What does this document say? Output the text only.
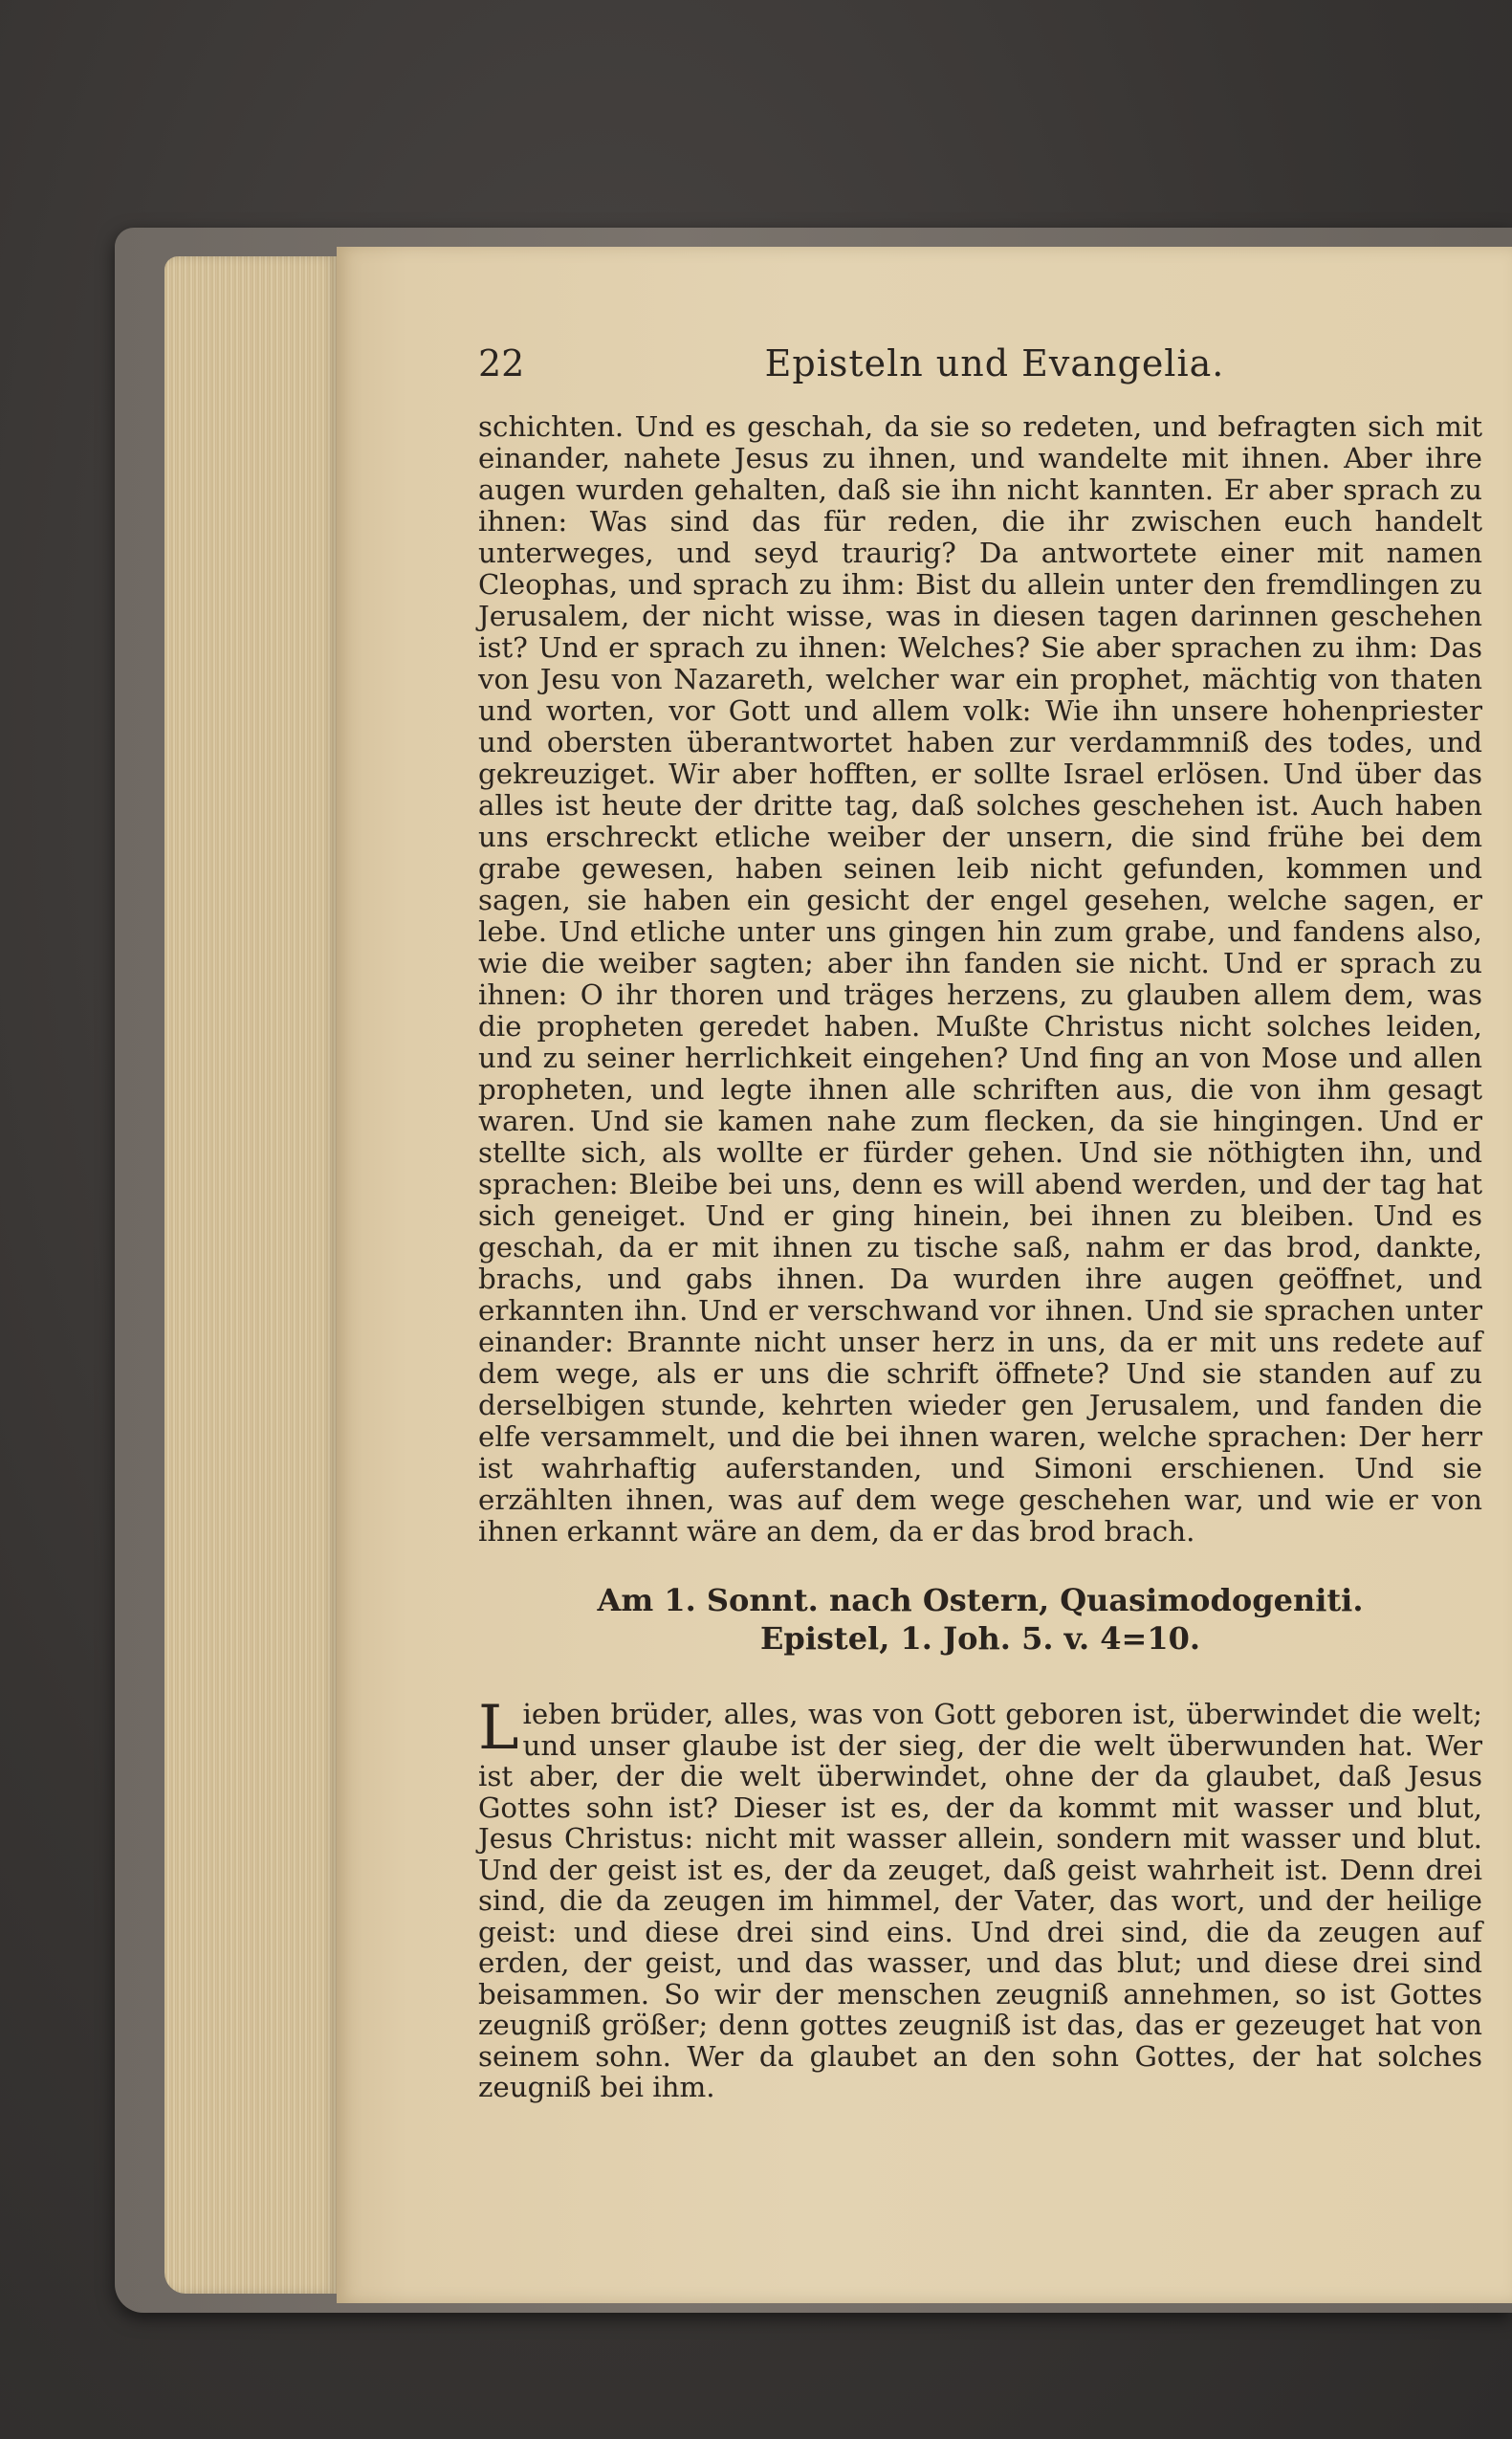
22	Episteln und Evangelia.
schichten. Und es geschah, da sie so redeten, und befragten sich mit einander, nahete Jesus zu ihnen, und wandelte mit ihnen. Aber ihre augen wurden gehalten, daß sie ihn nicht kannten. Er aber sprach zu ihnen: Was sind das für reden, die ihr zwischen euch handelt unterweges, und seyd traurig? Da antwortete einer mit namen Cleophas, und sprach zu ihm: Bist du allein unter den fremdlingen zu Jerusalem, der nicht wisse, was in diesen tagen darinnen geschehen ist? Und er sprach zu ihnen: Welches? Sie aber sprachen zu ihm: Das von Jesu von Nazareth, welcher war ein prophet, mächtig von thaten und worten, vor Gott und allem volk: Wie ihn unsere hohenpriester und obersten überantwortet haben zur verdammniß des todes, und gekreuziget. Wir aber hofften, er sollte Israel erlösen. Und über das alles ist heute der dritte tag, daß solches geschehen ist. Auch haben uns erschreckt etliche weiber der unsern, die sind frühe bei dem grabe gewesen, haben seinen leib nicht gefunden, kommen und sagen, sie haben ein gesicht der engel gesehen, welche sagen, er lebe. Und etliche unter uns gingen hin zum grabe, und fandens also, wie die weiber sagten; aber ihn fanden sie nicht. Und er sprach zu ihnen: O ihr thoren und träges herzens, zu glauben allem dem, was die propheten geredet haben. Mußte Christus nicht solches leiden, und zu seiner herrlichkeit eingehen? Und fing an von Mose und allen propheten, und legte ihnen alle schriften aus, die von ihm gesagt waren. Und sie kamen nahe zum flecken, da sie hingingen. Und er stellte sich, als wollte er fürder gehen. Und sie nöthigten ihn, und sprachen: Bleibe bei uns, denn es will abend werden, und der tag hat sich geneiget. Und er ging hinein, bei ihnen zu bleiben. Und es geschah, da er mit ihnen zu tische saß, nahm er das brod, dankte, brachs, und gabs ihnen. Da wurden ihre augen geöffnet, und erkannten ihn. Und er verschwand vor ihnen. Und sie sprachen unter einander: Brannte nicht unser herz in uns, da er mit uns redete auf dem wege, als er uns die schrift öffnete? Und sie standen auf zu derselbigen stunde, kehrten wieder gen Jerusalem, und fanden die elfe versammelt, und die bei ihnen waren, welche sprachen: Der herr ist wahrhaftig auferstanden, und Simoni erschienen. Und sie erzählten ihnen, was auf dem wege geschehen war, und wie er von ihnen erkannt wäre an dem, da er das brod brach.
Am 1. Sonnt. nach Ostern, Quasimodogeniti.
Epistel, 1. Joh. 5. v. 4=10.
Lieben brüder, alles, was von Gott geboren ist, überwindet die welt; und unser glaube ist der sieg, der die welt überwunden hat. Wer ist aber, der die welt überwindet, ohne der da glaubet, daß Jesus Gottes sohn ist? Dieser ist es, der da kommt mit wasser und blut, Jesus Christus: nicht mit wasser allein, sondern mit wasser und blut. Und der geist ist es, der da zeuget, daß geist wahrheit ist. Denn drei sind, die da zeugen im himmel, der Vater, das wort, und der heilige geist: und diese drei sind eins. Und drei sind, die da zeugen auf erden, der geist, und das wasser, und das blut; und diese drei sind beisammen. So wir der menschen zeugniß annehmen, so ist Gottes zeugniß größer; denn gottes zeugniß ist das, das er gezeuget hat von seinem sohn. Wer da glaubet an den sohn Gottes, der hat solches zeugniß bei ihm.
